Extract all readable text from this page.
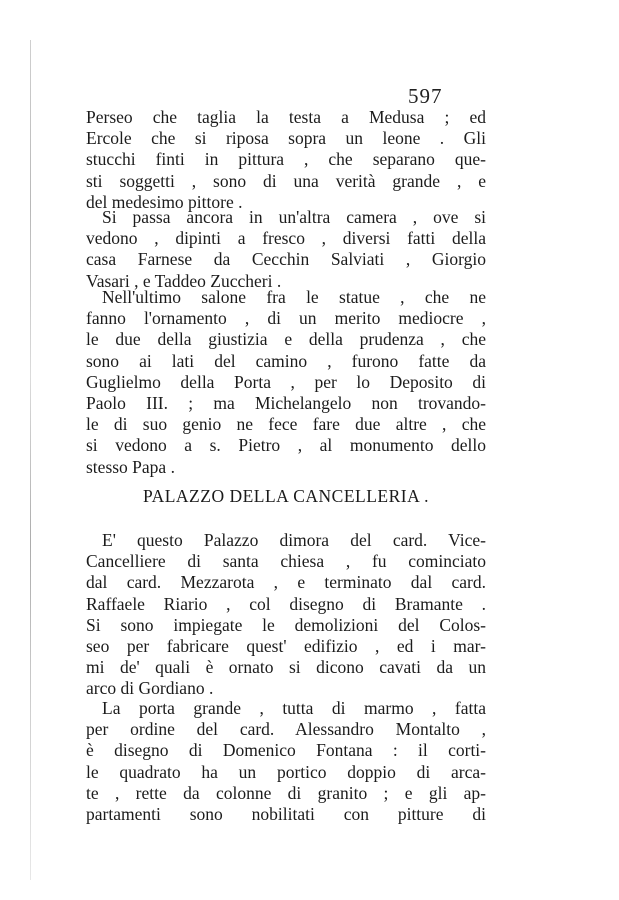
597
Perseo che taglia la testa a Medusa ; ed
Ercole che si riposa sopra un leone . Gli
stucchi finti in pittura , che separano que-
sti soggetti , sono di una verità grande , e
del medesimo pittore .
Si passa ancora in un'altra camera , ove si
vedono , dipinti a fresco , diversi fatti della
casa Farnese da Cecchin Salviati , Giorgio
Vasari , e Taddeo Zuccheri .
Nell'ultimo salone fra le statue , che ne
fanno l'ornamento , di un merito mediocre ,
le due della giustizia e della prudenza , che
sono ai lati del camino , furono fatte da
Guglielmo della Porta , per lo Deposito di
Paolo III. ; ma Michelangelo non trovando-
le di suo genio ne fece fare due altre , che
si vedono a s. Pietro , al monumento dello
stesso Papa .
PALAZZO DELLA CANCELLERIA .
E' questo Palazzo dimora del card. Vice-
Cancelliere di santa chiesa , fu cominciato
dal card. Mezzarota , e terminato dal card.
Raffaele Riario , col disegno di Bramante .
Si sono impiegate le demolizioni del Colos-
seo per fabricare quest' edifizio , ed i mar-
mi de' quali è ornato si dicono cavati da un
arco di Gordiano .
La porta grande , tutta di marmo , fatta
per ordine del card. Alessandro Montalto ,
è disegno di Domenico Fontana : il corti-
le quadrato ha un portico doppio di arca-
te , rette da colonne di granito ; e gli ap-
partamenti sono nobilitati con pitture di
